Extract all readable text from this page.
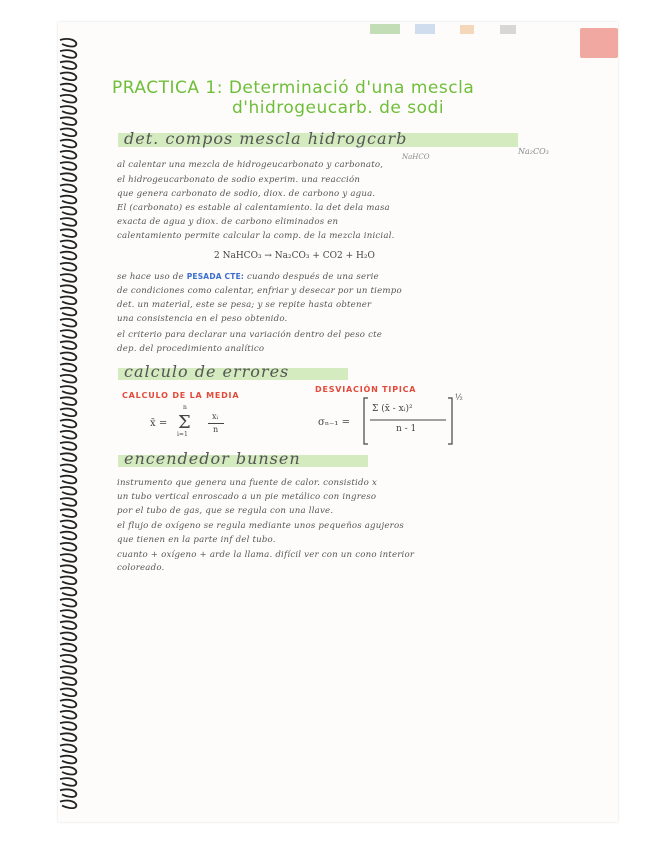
PRACTICA 1: Determinació d'una mescla
d'hidrogeucarb. de sodi
det. compos mescla hidrogcarb
NaHCO
Na₂CO₃
al calentar una mezcla de hidrogeucarbonato y carbonato,
el hidrogeucarbonato de sodio experim. una reacción
que genera carbonato de sodio, diox. de carbono y agua.
El (carbonato) es estable al calentamiento. la det dela masa
exacta de agua y diox. de carbono eliminados en
calentamiento permite calcular la comp. de la mezcla inicial.
2 NaHCO₃ → Na₂CO₃ + CO2 + H₂O
se hace uso de PESADA CTE: cuando después de una serie
de condiciones como calentar, enfriar y desecar por un tiempo
det. un material, este se pesa; y se repite hasta obtener
una consistencia en el peso obtenido.
el criterio para declarar una variación dentro del peso cte
dep. del procedimiento analítico
calculo de errores
CALCULO DE LA MEDIA
DESVIACIÓN TIPICA
x̄ =
n
Σ
i=1
xᵢ
n
σₙ₋₁ =
Σ (x̄ - xᵢ)²
n - 1
½
encendedor bunsen
instrumento que genera una fuente de calor. consistido x
un tubo vertical enroscado a un pie metálico con ingreso
por el tubo de gas, que se regula con una llave.
el flujo de oxígeno se regula mediante unos pequeños agujeros
que tienen en la parte inf del tubo.
cuanto + oxígeno + arde la llama. difícil ver con un cono interior
coloreado.
